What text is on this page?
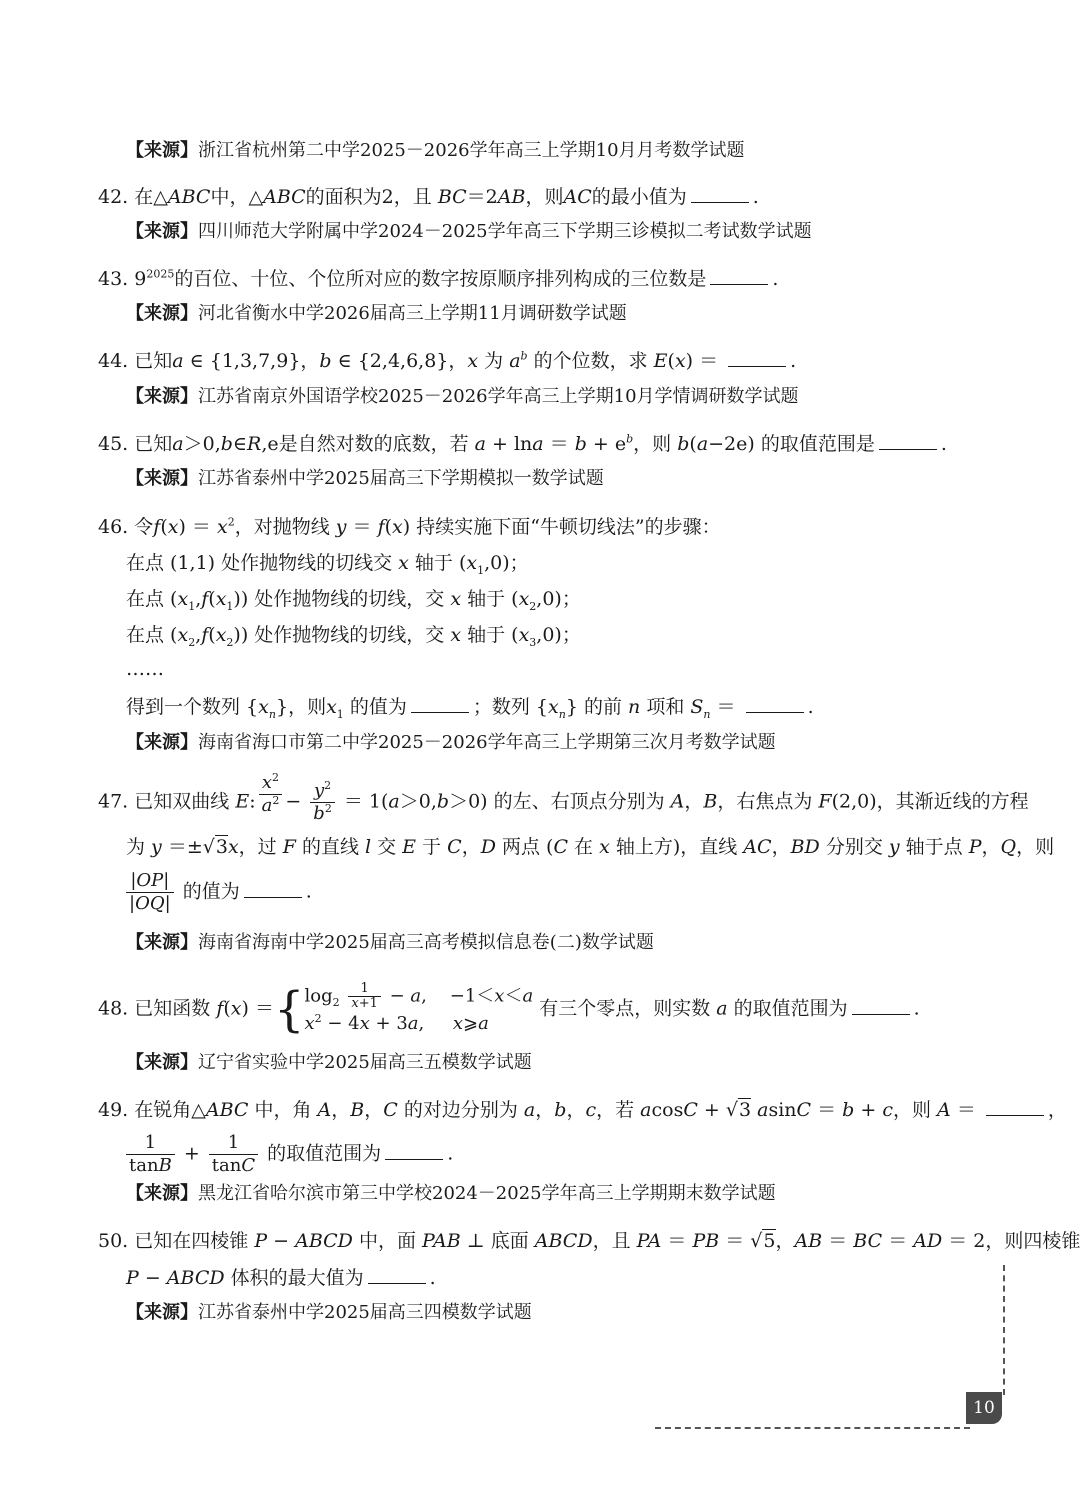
【来源】浙江省杭州第二中学2025－2026学年高三上学期10月月考数学试题
42. 在△ABC中，△ABC的面积为2，且 BC＝2AB，则AC的最小值为	.
【来源】四川师范大学附属中学2024－2025学年高三下学期三诊模拟二考试数学试题
43. $9^{2025}$的百位、十位、个位所对应的数字按原顺序排列构成的三位数是	.
【来源】河北省衡水中学2026届高三上学期11月调研数学试题
44. 已知a ∈ {1,3,7,9}，b ∈ {2,4,6,8}，x 为 $a^b$ 的个位数，求 E(x) ＝	.
【来源】江苏省南京外国语学校2025－2026学年高三上学期10月学情调研数学试题
45. 已知a＞0,b∈R,e是自然对数的底数，若 $a + \ln a = b + e^b$，则 b(a−2e) 的取值范围是	.
【来源】江苏省泰州中学2025届高三下学期模拟一数学试题
46. 令$f(x) = x^2$，对抛物线 y ＝ f(x) 持续实施下面“牛顿切线法”的步骤：
在点 (1,1) 处作抛物线的切线交 x 轴于 $(x_1,0)$；
在点 $(x_1,f(x_1))$ 处作抛物线的切线，交 x 轴于 $(x_2,0)$；
在点 $(x_2,f(x_2))$ 处作抛物线的切线，交 x 轴于 $(x_3,0)$；
……
得到一个数列 $\{x_n\}$，则$x_1$ 的值为	；数列 $\{x_n\}$ 的前 n 项和 $S_n$ ＝	.
【来源】海南省海口市第二中学2025－2026学年高三上学期第三次月考数学试题
47. 已知双曲线 E: $\frac{x^2}{a^2} - \frac{y^2}{b^2} = 1(a>0,b>0)$ 的左、右顶点分别为 A，B，右焦点为 F(2,0)，其渐近线的方程
为 y ＝±√3x，过 F 的直线 l 交 E 于 C，D 两点 (C 在 x 轴上方)，直线 AC，BD 分别交 y 轴于点 P，Q，则
$\frac{|OP|}{|OQ|}$ 的值为	.
【来源】海南省海南中学2025届高三高考模拟信息卷(二)数学试题
48. 已知函数 f(x) ＝{ $\log_2 \frac{1}{x+1} - a$,    −1＜x＜a
$x^2 - 4x + 3a$,     x⩾a
有三个零点，则实数 a 的取值范围为	.
【来源】辽宁省实验中学2025届高三五模数学试题
49. 在锐角△ABC 中，角 A，B，C 的对边分别为 a，b，c，若 acosC + √3 asinC ＝ b + c，则 A ＝	，
$\frac{1}{\tan B} + \frac{1}{\tan C}$ 的取值范围为	.
【来源】黑龙江省哈尔滨市第三中学校2024－2025学年高三上学期期末数学试题
50. 已知在四棱锥 P − ABCD 中，面 PAB ⊥ 底面 ABCD，且 PA ＝ PB ＝ √5，AB ＝ BC ＝ AD ＝ 2，则四棱锥
P − ABCD 体积的最大值为	.
【来源】江苏省泰州中学2025届高三四模数学试题
10
